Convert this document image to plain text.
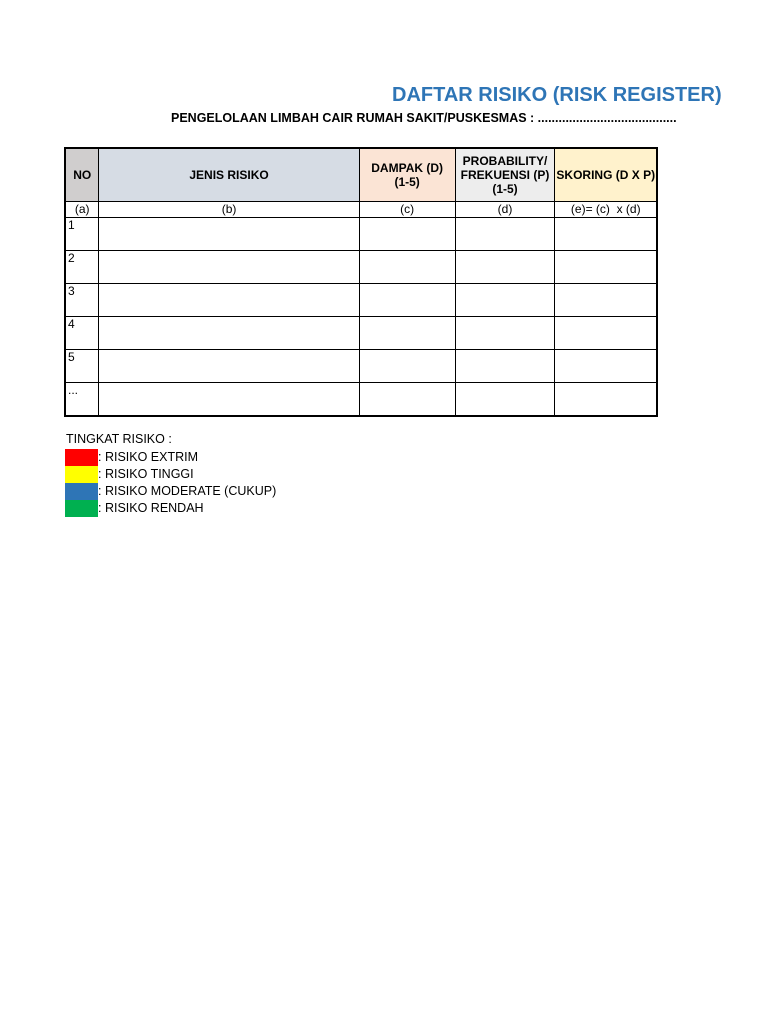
DAFTAR RISIKO (RISK REGISTER)
PENGELOLAAN LIMBAH CAIR RUMAH SAKIT/PUSKESMAS : ........................................
NO	JENIS RISIKO	DAMPAK (D) (1-5)	PROBABILITY/ FREKUENSI (P) (1-5)	SKORING (D X P)
(a)	(b)	(c)	(d)	(e)= (c)  x (d)
1				
2				
3				
4				
5				
...				
TINGKAT RISIKO :
: RISIKO EXTRIM
: RISIKO TINGGI
: RISIKO MODERATE (CUKUP)
: RISIKO RENDAH
